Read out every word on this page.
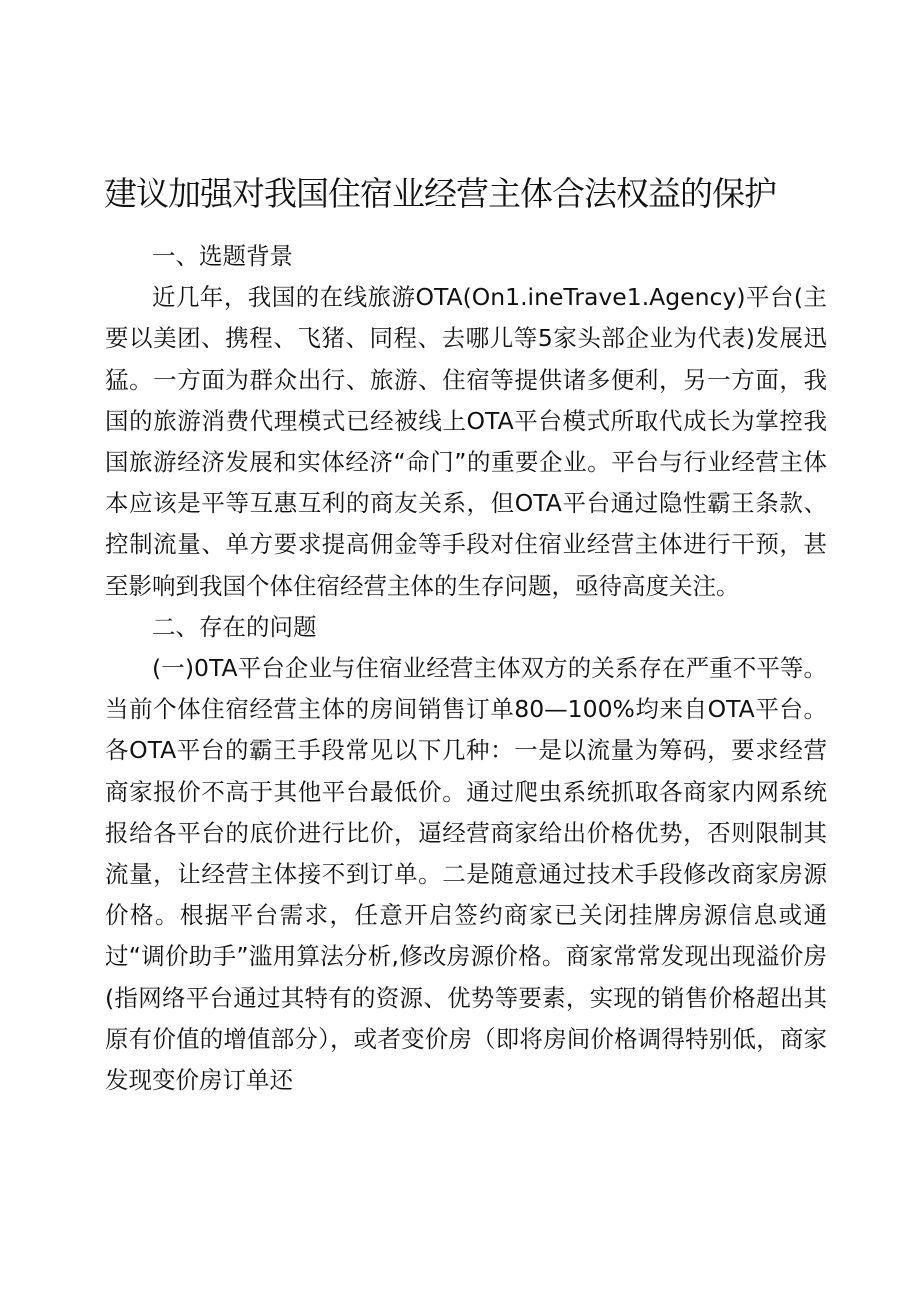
建议加强对我国住宿业经营主体合法权益的保护
一、选题背景

近几年，我国的在线旅游OTA(On1.ineTrave1.Agency)平台(主要以美团、携程、飞猪、同程、去哪儿等5家头部企业为代表)发展迅猛。一方面为群众出行、旅游、住宿等提供诸多便利，另一方面，我国的旅游消费代理模式已经被线上OTA平台模式所取代成长为掌控我国旅游经济发展和实体经济“命门”的重要企业。平台与行业经营主体本应该是平等互惠互利的商友关系，但OTA平台通过隐性霸王条款、控制流量、单方要求提高佣金等手段对住宿业经营主体进行干预，甚至影响到我国个体住宿经营主体的生存问题，亟待高度关注。

二、存在的问题

(一)0TA平台企业与住宿业经营主体双方的关系存在严重不平等。当前个体住宿经营主体的房间销售订单80—100%均来自OTA平台。各OTA平台的霸王手段常见以下几种：一是以流量为筹码，要求经营商家报价不高于其他平台最低价。通过爬虫系统抓取各商家内网系统报给各平台的底价进行比价，逼经营商家给出价格优势，否则限制其流量，让经营主体接不到订单。二是随意通过技术手段修改商家房源价格。根据平台需求，任意开启签约商家已关闭挂牌房源信息或通过“调价助手”滥用算法分析,修改房源价格。商家常常发现出现溢价房(指网络平台通过其特有的资源、优势等要素，实现的销售价格超出其原有价值的增值部分），或者变价房（即将房间价格调得特别低，商家发现变价房订单还
